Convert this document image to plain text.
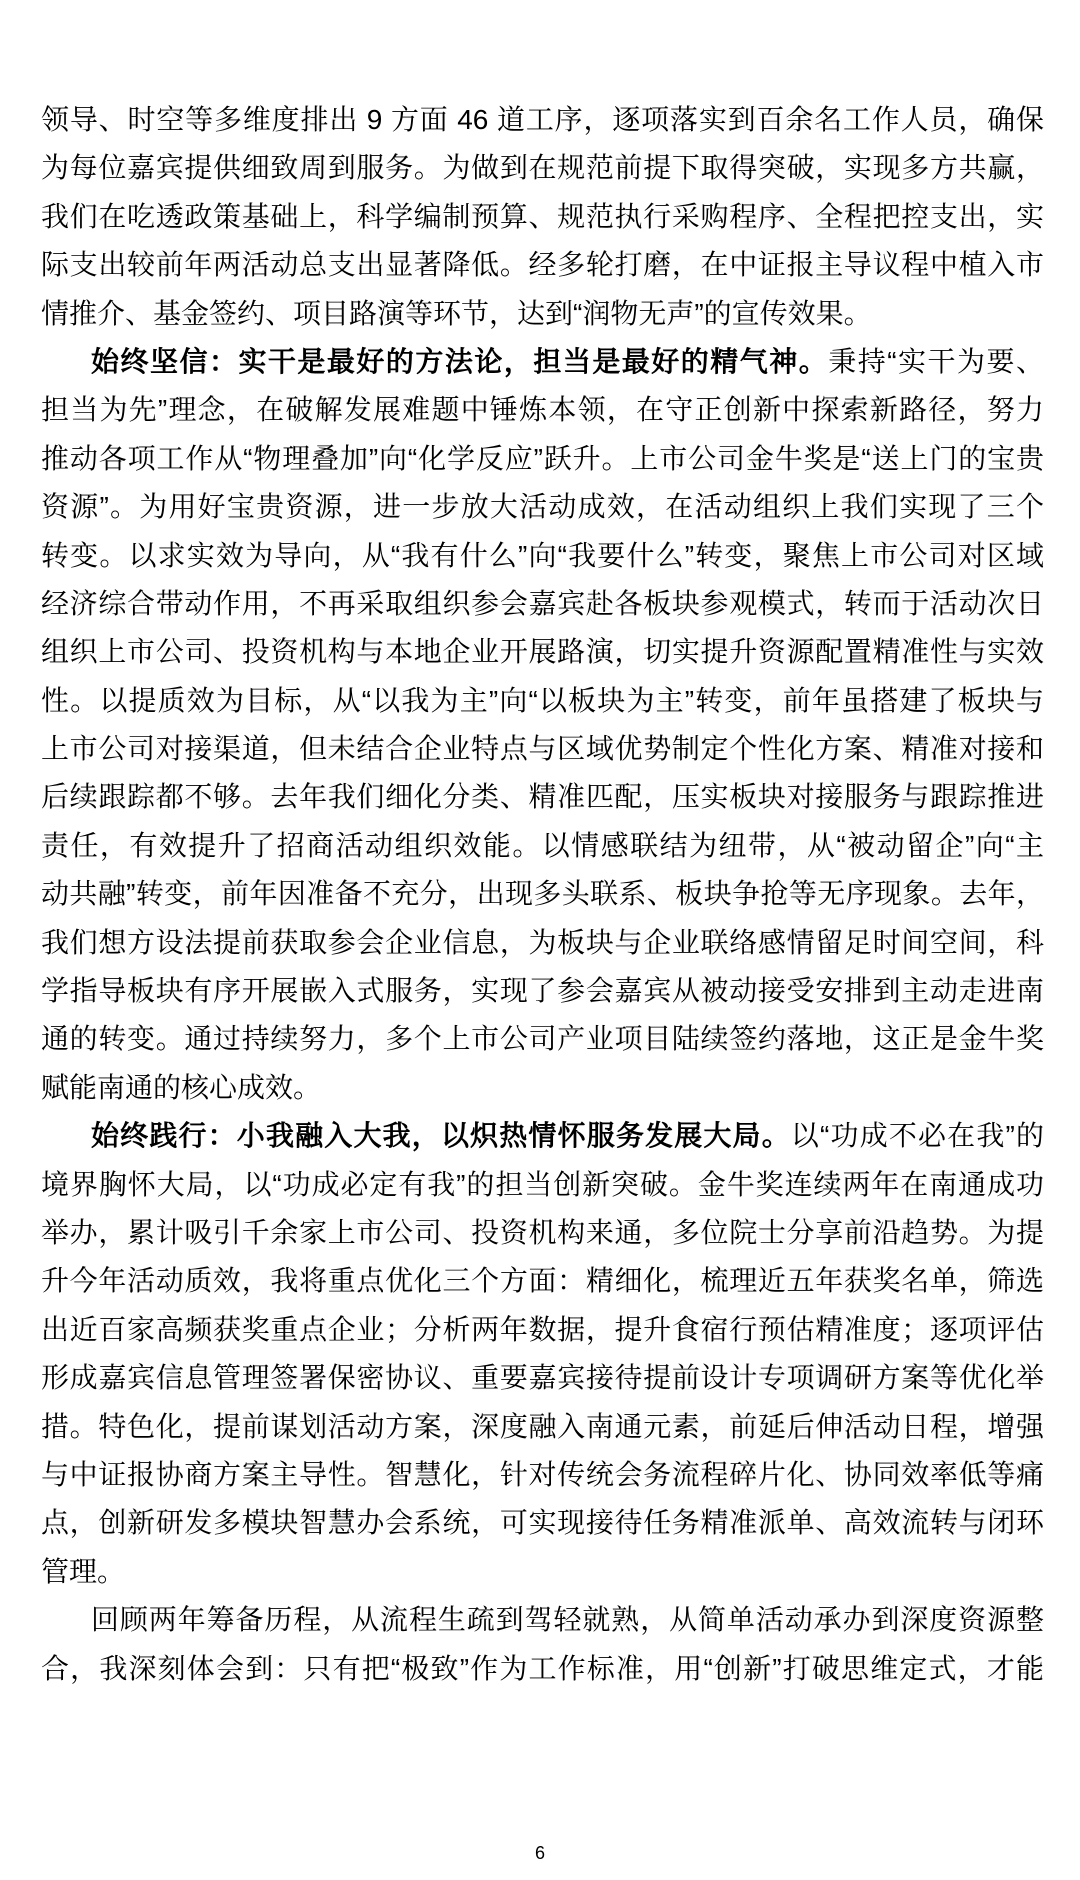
领导、时空等多维度排出 9 方面 46 道工序，逐项落实到百余名工作人员，确保
为每位嘉宾提供细致周到服务。为做到在规范前提下取得突破，实现多方共赢，
我们在吃透政策基础上，科学编制预算、规范执行采购程序、全程把控支出，实
际支出较前年两活动总支出显著降低。经多轮打磨，在中证报主导议程中植入市
情推介、基金签约、项目路演等环节，达到“润物无声”的宣传效果。
始终坚信：实干是最好的方法论，担当是最好的精气神。秉持“实干为要、
担当为先”理念，在破解发展难题中锤炼本领，在守正创新中探索新路径，努力
推动各项工作从“物理叠加”向“化学反应”跃升。上市公司金牛奖是“送上门的宝贵
资源”。为用好宝贵资源，进一步放大活动成效，在活动组织上我们实现了三个
转变。以求实效为导向，从“我有什么”向“我要什么”转变，聚焦上市公司对区域
经济综合带动作用，不再采取组织参会嘉宾赴各板块参观模式，转而于活动次日
组织上市公司、投资机构与本地企业开展路演，切实提升资源配置精准性与实效
性。以提质效为目标，从“以我为主”向“以板块为主”转变，前年虽搭建了板块与
上市公司对接渠道，但未结合企业特点与区域优势制定个性化方案、精准对接和
后续跟踪都不够。去年我们细化分类、精准匹配，压实板块对接服务与跟踪推进
责任，有效提升了招商活动组织效能。以情感联结为纽带，从“被动留企”向“主
动共融”转变，前年因准备不充分，出现多头联系、板块争抢等无序现象。去年，
我们想方设法提前获取参会企业信息，为板块与企业联络感情留足时间空间，科
学指导板块有序开展嵌入式服务，实现了参会嘉宾从被动接受安排到主动走进南
通的转变。通过持续努力，多个上市公司产业项目陆续签约落地，这正是金牛奖
赋能南通的核心成效。
始终践行：小我融入大我，以炽热情怀服务发展大局。以“功成不必在我”的
境界胸怀大局，以“功成必定有我”的担当创新突破。金牛奖连续两年在南通成功
举办，累计吸引千余家上市公司、投资机构来通，多位院士分享前沿趋势。为提
升今年活动质效，我将重点优化三个方面：精细化，梳理近五年获奖名单，筛选
出近百家高频获奖重点企业；分析两年数据，提升食宿行预估精准度；逐项评估
形成嘉宾信息管理签署保密协议、重要嘉宾接待提前设计专项调研方案等优化举
措。特色化，提前谋划活动方案，深度融入南通元素，前延后伸活动日程，增强
与中证报协商方案主导性。智慧化，针对传统会务流程碎片化、协同效率低等痛
点，创新研发多模块智慧办会系统，可实现接待任务精准派单、高效流转与闭环
管理。
回顾两年筹备历程，从流程生疏到驾轻就熟，从简单活动承办到深度资源整
合，我深刻体会到：只有把“极致”作为工作标准，用“创新”打破思维定式，才能
6
